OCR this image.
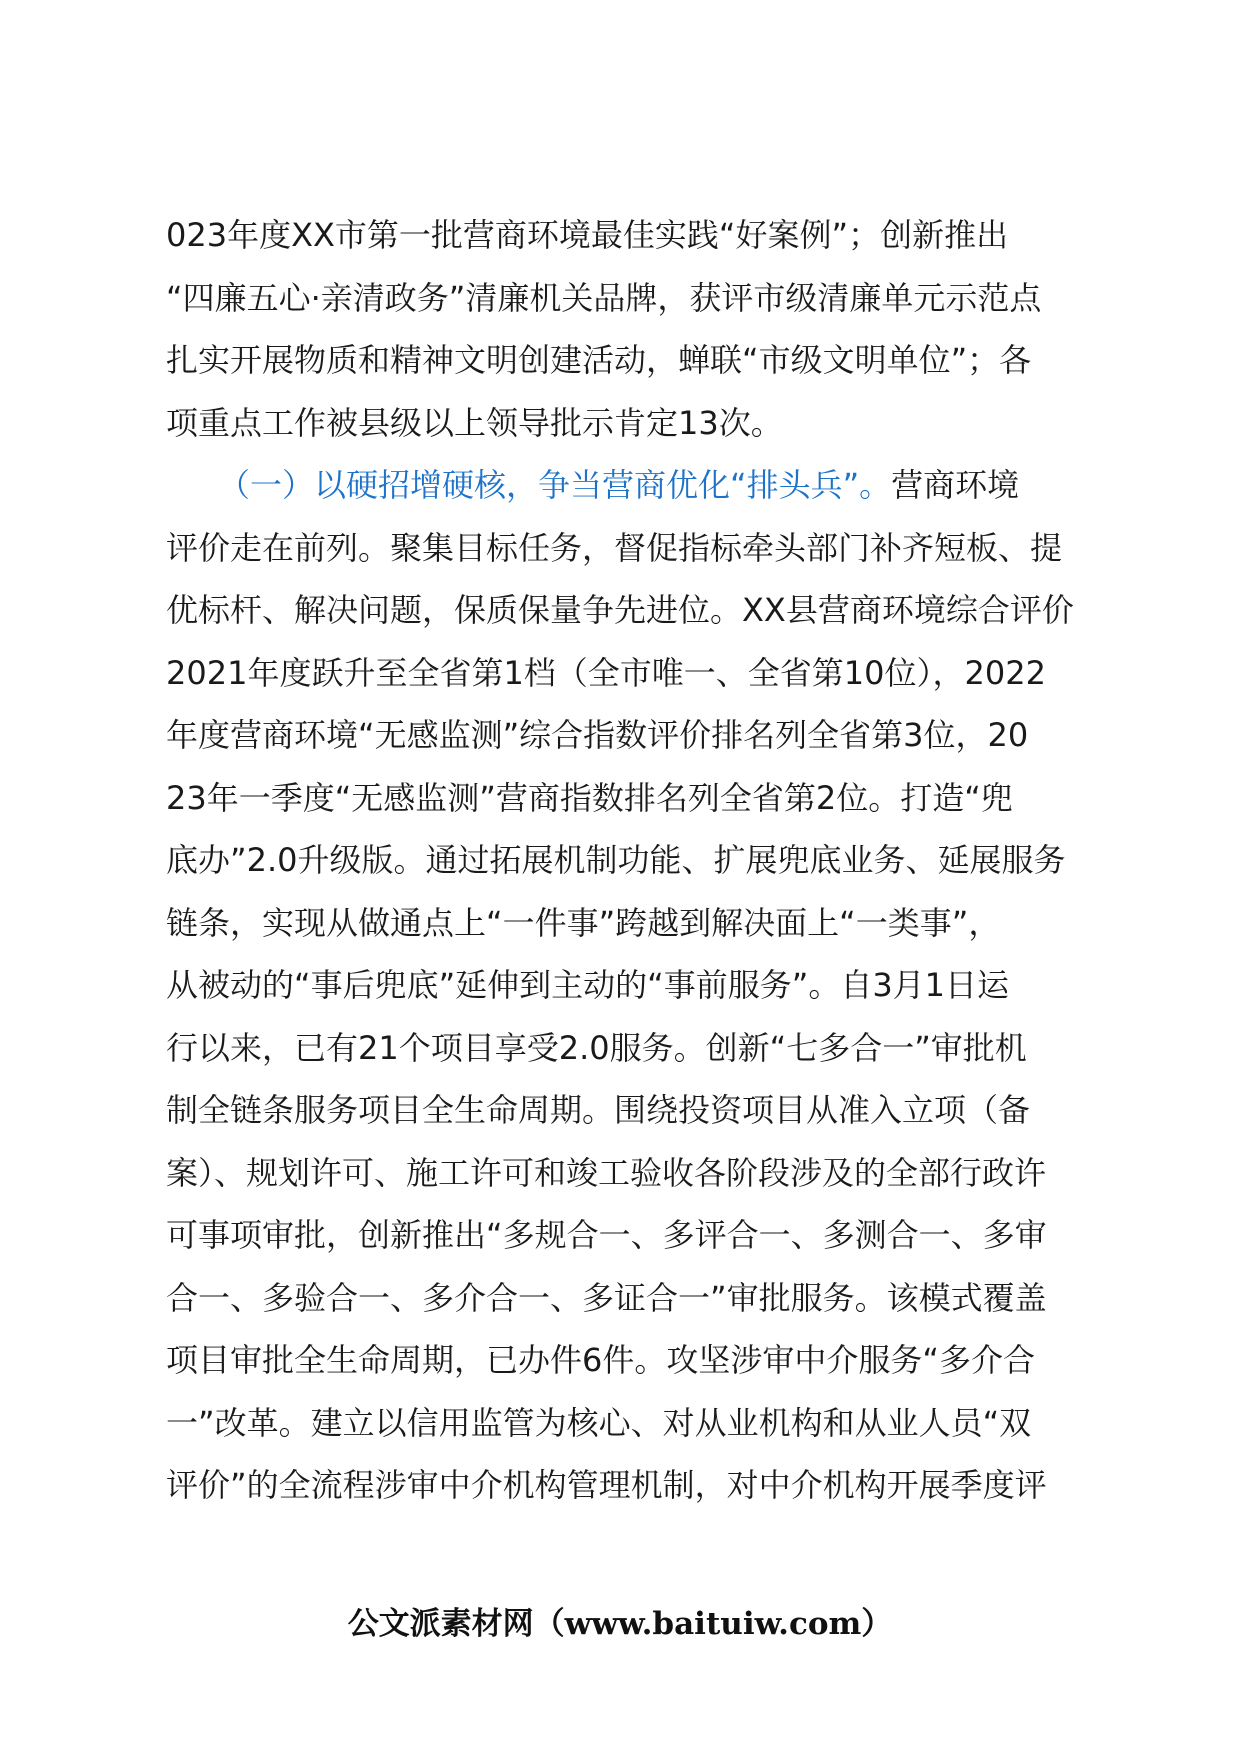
023年度XX市第一批营商环境最佳实践“好案例”；创新推出
“四廉五心·亲清政务”清廉机关品牌，获评市级清廉单元示范点
扎实开展物质和精神文明创建活动，蝉联“市级文明单位”；各
项重点工作被县级以上领导批示肯定13次。
（一）以硬招增硬核，争当营商优化“排头兵”。营商环境
评价走在前列。聚集目标任务，督促指标牵头部门补齐短板、提
优标杆、解决问题，保质保量争先进位。XX县营商环境综合评价
2021年度跃升至全省第1档（全市唯一、全省第10位），2022
年度营商环境“无感监测”综合指数评价排名列全省第3位，20
23年一季度“无感监测”营商指数排名列全省第2位。打造“兜
底办”2.0升级版。通过拓展机制功能、扩展兜底业务、延展服务
链条，实现从做通点上“一件事”跨越到解决面上“一类事”，
从被动的“事后兜底”延伸到主动的“事前服务”。自3月1日运
行以来，已有21个项目享受2.0服务。创新“七多合一”审批机
制全链条服务项目全生命周期。围绕投资项目从准入立项（备
案）、规划许可、施工许可和竣工验收各阶段涉及的全部行政许
可事项审批，创新推出“多规合一、多评合一、多测合一、多审
合一、多验合一、多介合一、多证合一”审批服务。该模式覆盖
项目审批全生命周期，已办件6件。攻坚涉审中介服务“多介合
一”改革。建立以信用监管为核心、对从业机构和从业人员“双
评价”的全流程涉审中介机构管理机制，对中介机构开展季度评
公文派素材网（www.baituiw.com）
